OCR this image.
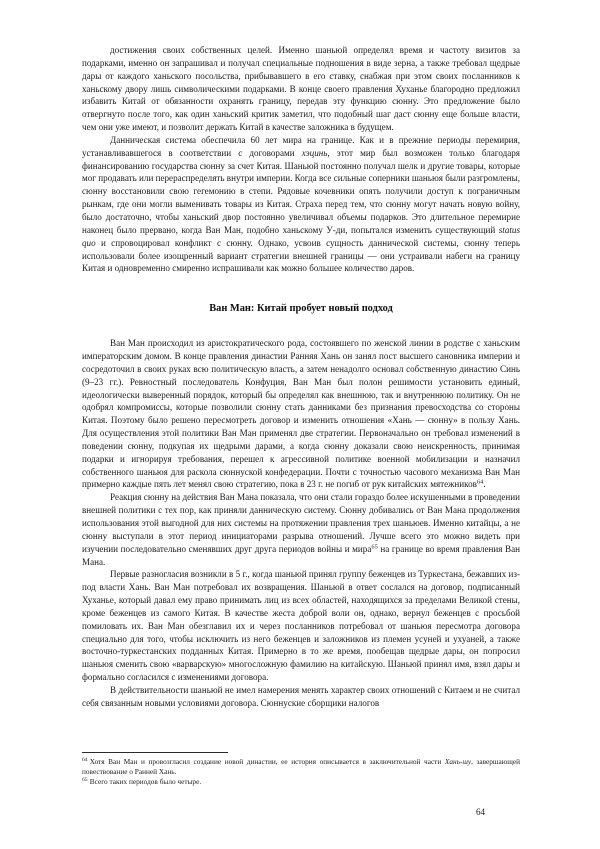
достижения своих собственных целей. Именно шаньюй определял время и частоту визитов за подарками, именно он запрашивал и получал специальные подношения в виде зерна, а также требовал щедрые дары от каждого ханьского посольства, прибывавшего в его ставку, снабжая при этом своих посланников к ханьскому двору лишь символическими подарками. В конце своего правления Хуханье благородно предложил избавить Китай от обязанности охранять границу, передав эту функцию сюнну. Это предложение было отвергнуто после того, как один ханьский критик заметил, что подобный шаг даст сюнну еще больше власти, чем они уже имеют, и позволит держать Китай в качестве заложника в будущем.

Данническая система обеспечила 60 лет мира на границе. Как и в прежние периоды перемирия, устанавливавшегося в соответствии с договорами хэцинь, этот мир был возможен только благодаря финансированию государства сюнну за счет Китая. Шаньюй постоянно получал шелк и другие товары, которые мог продавать или перераспределять внутри империи. Когда все сильные соперники шаньюя были разгромлены, сюнну восстановили свою гегемонию в степи. Рядовые кочевники опять получили доступ к пограничным рынкам, где они могли выменивать товары из Китая. Страха перед тем, что сюнну могут начать новую войну, было достаточно, чтобы ханьский двор постоянно увеличивал объемы подарков. Это длительное перемирие наконец было прервано, когда Ван Ман, подобно ханьскому У-ди, попытался изменить существующий status quo и спровоцировал конфликт с сюнну. Однако, усвоив сущность даннической системы, сюнну теперь использовали более изощренный вариант стратегии внешней границы — они устраивали набеги на границу Китая и одновременно смиренно испрашивали как можно большее количество даров.

Ван Ман: Китай пробует новый подход

Ван Ман происходил из аристократического рода, состоявшего по женской линии в родстве с ханьским императорским домом. В конце правления династии Ранняя Хань он занял пост высшего сановника империи и сосредоточил в своих руках всю политическую власть, а затем ненадолго основал собственную династию Синь (9–23 гг.). Ревностный последователь Конфуция, Ван Ман был полон решимости установить единый, идеологически выверенный порядок, который бы определял как внешнюю, так и внутреннюю политику. Он не одобрял компромиссы, которые позволили сюнну стать данниками без признания превосходства со стороны Китая. Поэтому было решено пересмотреть договор и изменить отношения «Хань — сюнну» в пользу Хань. Для осуществления этой политики Ван Ман применял две стратегии. Первоначально он требовал изменений в поведении сюнну, подкупая их щедрыми дарами, а когда сюнну доказали свою неискренность, принимая подарки и игнорируя требования, перешел к агрессивной политике военной мобилизации и назначил собственного шаньюя для раскола сюннуской конфедерации. Почти с точностью часового механизма Ван Ман примерно каждые пять лет менял свою стратегию, пока в 23 г. не погиб от рук китайских мятежников$^{64}$.

Реакция сюнну на действия Ван Мана показала, что они стали гораздо более искушенными в проведении внешней политики с тех пор, как приняли данническую систему. Сюнну добивались от Ван Мана продолжения использования этой выгодной для них системы на протяжении правления трех шаньюев. Именно китайцы, а не сюнну выступали в этот период инициаторами разрыва отношений. Лучше всего это можно видеть при изучении последовательно сменявших друг друга периодов войны и мира$^{65}$ на границе во время правления Ван Мана.

Первые разногласия возникли в 5 г., когда шаньюй принял группу беженцев из Туркестана, бежавших из-под власти Хань. Ван Ман потребовал их возвращения. Шаньюй в ответ сослался на договор, подписанный Хуханье, который давал ему право принимать лиц из всех областей, находящихся за пределами Великой стены, кроме беженцев из самого Китая. В качестве жеста доброй воли он, однако, вернул беженцев с просьбой помиловать их. Ван Ман обезглавил их и через посланников потребовал от шаньюя пересмотра договора специально для того, чтобы исключить из него беженцев и заложников из племен усуней и ухуаней, а также восточно-туркестанских подданных Китая. Примерно в то же время, пообещав щедрые дары, он попросил шаньюя сменить свою «варварскую» многосложную фамилию на китайскую. Шаньюй принял имя, взял дары и формально согласился с изменениями договора.

В действительности шаньюй не имел намерения менять характер своих отношений с Китаем и не считал себя связанным новыми условиями договора. Сюннуские сборщики налогов

$^{64}$ Хотя Ван Ман и провозгласил создание новой династии, ее история описывается в заключительной части Хань-шу, завершающей повествование о Ранней Хань.

$^{65}$ Всего таких периодов было четыре.

64
